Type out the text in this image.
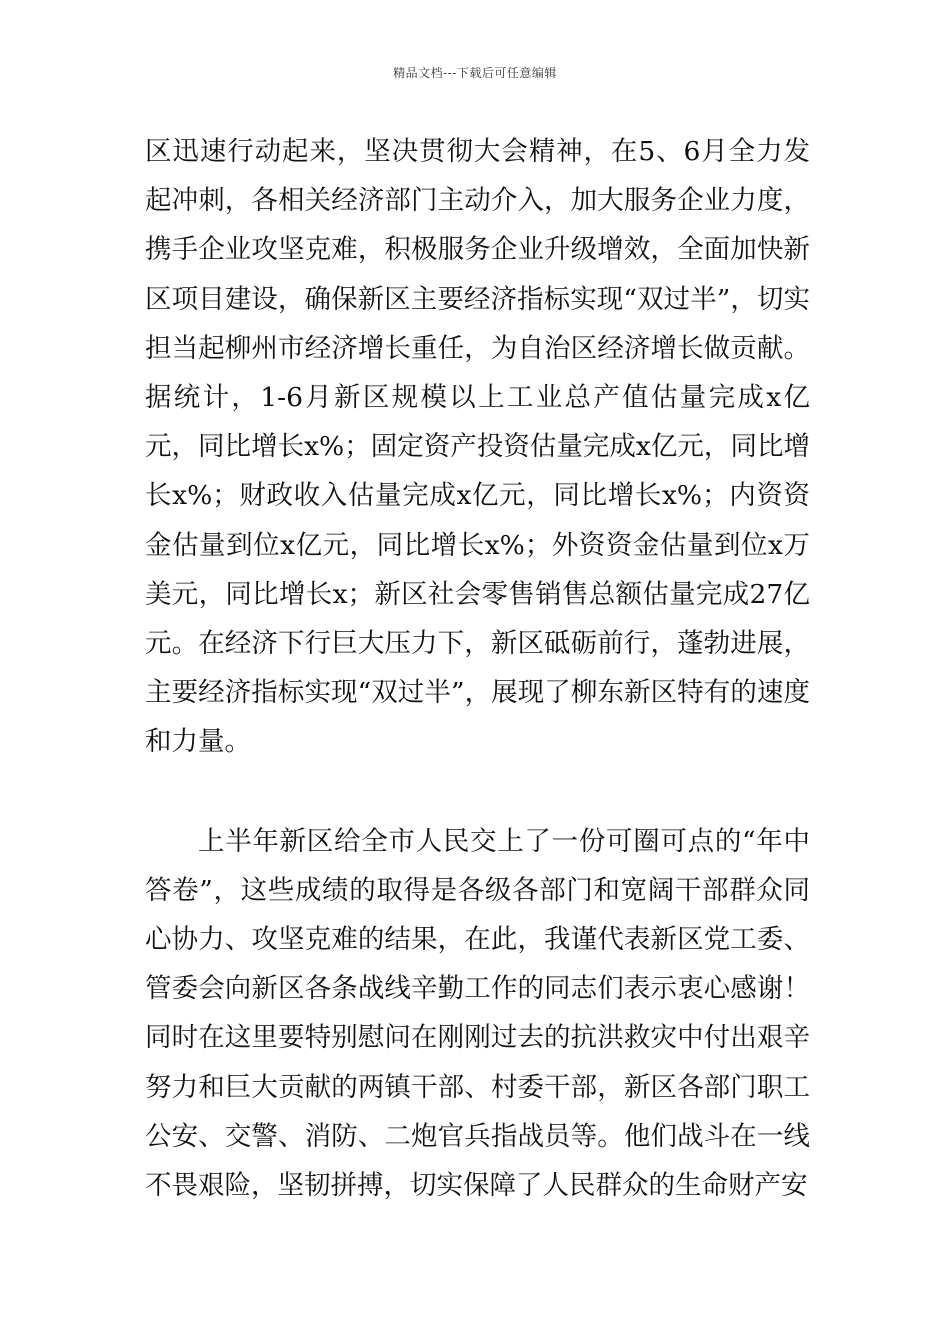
精品文档---下载后可任意编辑

区迅速行动起来，坚决贯彻大会精神，在5、6月全力发起冲刺，各相关经济部门主动介入，加大服务企业力度，携手企业攻坚克难，积极服务企业升级增效，全面加快新区项目建设，确保新区主要经济指标实现“双过半”，切实担当起柳州市经济增长重任，为自治区经济增长做贡献。据统计，1-6月新区规模以上工业总产值估量完成x亿元，同比增长x%；固定资产投资估量完成x亿元，同比增长x%；财政收入估量完成x亿元，同比增长x%；内资资金估量到位x亿元，同比增长x%；外资资金估量到位x万美元，同比增长x；新区社会零售销售总额估量完成27亿元。在经济下行巨大压力下，新区砥砺前行，蓬勃进展，主要经济指标实现“双过半”，展现了柳东新区特有的速度和力量。

上半年新区给全市人民交上了一份可圈可点的“年中答卷”，这些成绩的取得是各级各部门和宽阔干部群众同心协力、攻坚克难的结果，在此，我谨代表新区党工委、管委会向新区各条战线辛勤工作的同志们表示衷心感谢！同时在这里要特别慰问在刚刚过去的抗洪救灾中付出艰辛努力和巨大贡献的两镇干部、村委干部，新区各部门职工公安、交警、消防、二炮官兵指战员等。他们战斗在一线不畏艰险，坚韧拼搏，切实保障了人民群众的生命财产安
